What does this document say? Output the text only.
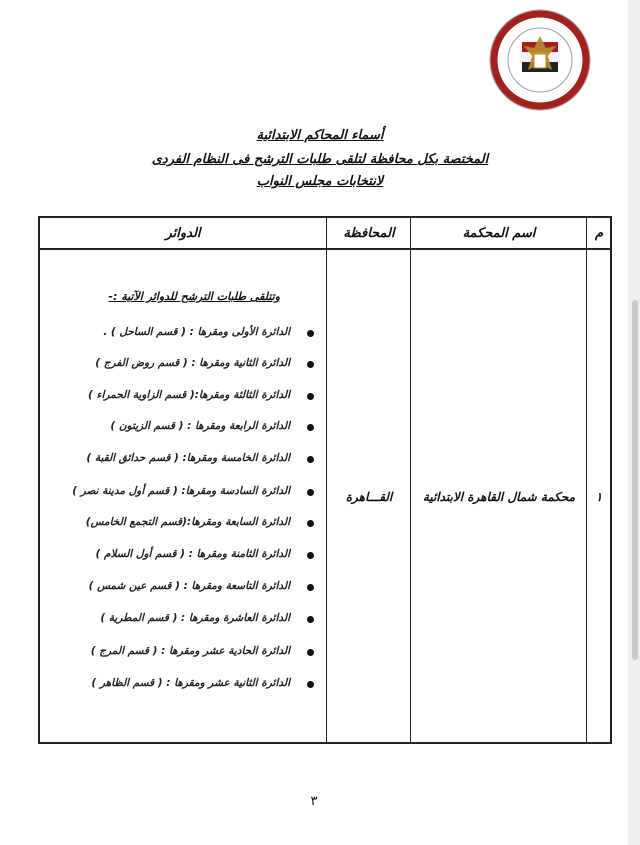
أسماء المحاكم الابتدائية
المختصة بكل محافظة لتلقى طلبات الترشح فى النظام الفردى
لانتخابات مجلس النواب
م
اسم المحكمة
المحافظة
الدوائر
١
محكمة شمال القاهرة الابتدائية
القـــاهرة
وتتلقى طلبات الترشح للدوائر الآتية :-
الدائرة الأولى ومقرها : ( قسم الساحل ) .
الدائرة الثانية ومقرها : ( قسم روض الفرج )
الدائرة الثالثة ومقرها:( قسم الزاوية الحمراء )
الدائرة الرابعة ومقرها : ( قسم الزيتون )
الدائرة الخامسة ومقرها: ( قسم حدائق القبة )
الدائرة السادسة ومقرها: ( قسم أول مدينة نصر )
الدائرة السابعة ومقرها:(قسم التجمع الخامس)
الدائرة الثامنة ومقرها : ( قسم أول السلام )
الدائرة التاسعة ومقرها : ( قسم عين شمس )
الدائرة العاشرة ومقرها : ( قسم المطرية )
الدائرة الحادية عشر ومقرها : ( قسم المرج )
الدائرة الثانية عشر ومقرها : ( قسم الظاهر )
٣
